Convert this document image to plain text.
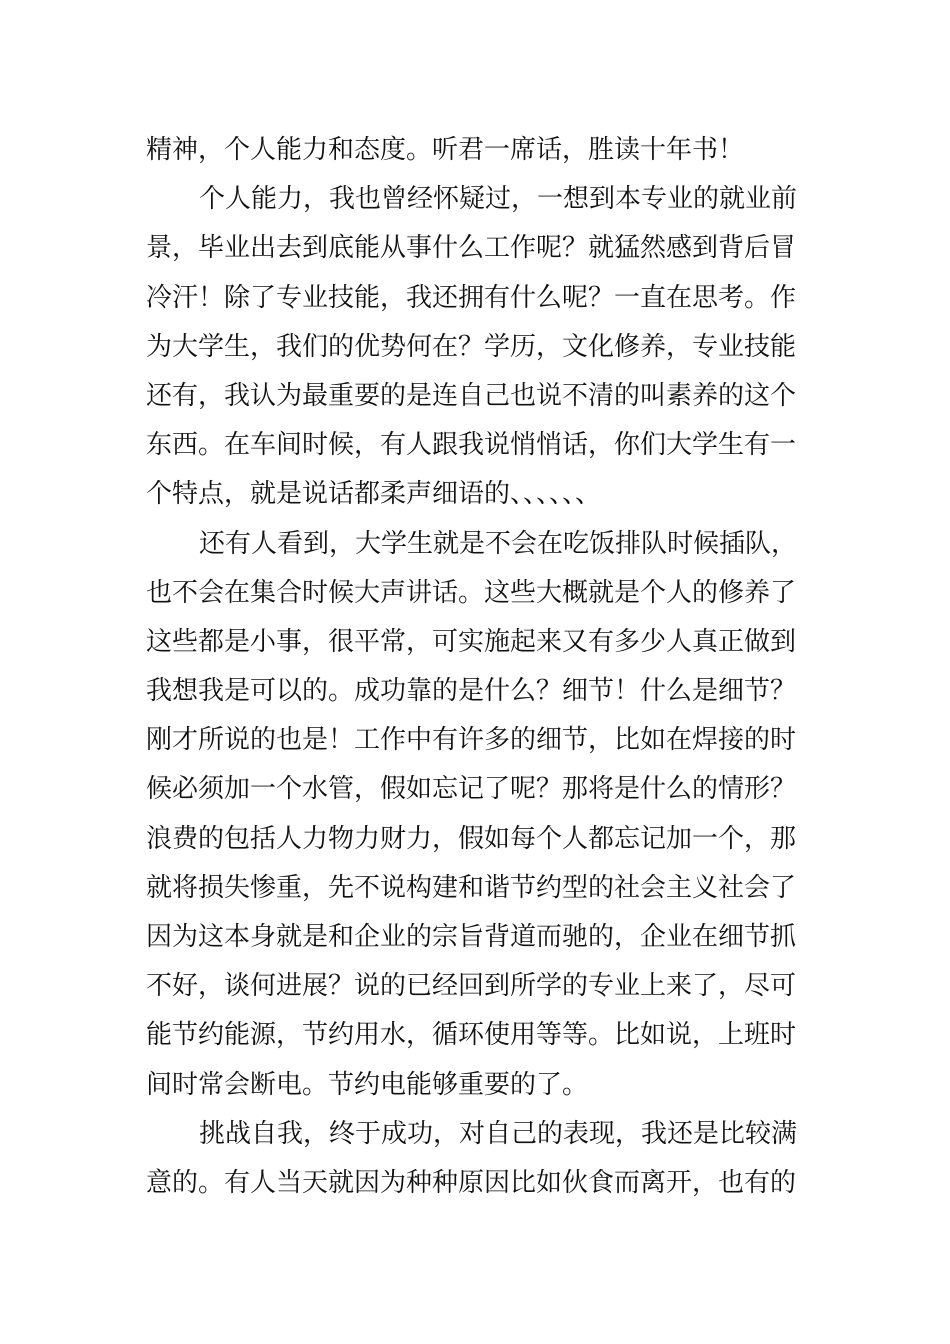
精神，个人能力和态度。听君一席话，胜读十年书！
个人能力，我也曾经怀疑过，一想到本专业的就业前
景，毕业出去到底能从事什么工作呢？就猛然感到背后冒
冷汗！除了专业技能，我还拥有什么呢？一直在思考。作
为大学生，我们的优势何在？学历，文化修养，专业技能
还有，我认为最重要的是连自己也说不清的叫素养的这个
东西。在车间时候，有人跟我说悄悄话，你们大学生有一
个特点，就是说话都柔声细语的、、、、、、
还有人看到，大学生就是不会在吃饭排队时候插队，
也不会在集合时候大声讲话。这些大概就是个人的修养了
这些都是小事，很平常，可实施起来又有多少人真正做到
我想我是可以的。成功靠的是什么？细节！什么是细节？
刚才所说的也是！工作中有许多的细节，比如在焊接的时
候必须加一个水管，假如忘记了呢？那将是什么的情形？
浪费的包括人力物力财力，假如每个人都忘记加一个，那
就将损失惨重，先不说构建和谐节约型的社会主义社会了
因为这本身就是和企业的宗旨背道而驰的，企业在细节抓
不好，谈何进展？说的已经回到所学的专业上来了，尽可
能节约能源，节约用水，循环使用等等。比如说，上班时
间时常会断电。节约电能够重要的了。
挑战自我，终于成功，对自己的表现，我还是比较满
意的。有人当天就因为种种原因比如伙食而离开，也有的
